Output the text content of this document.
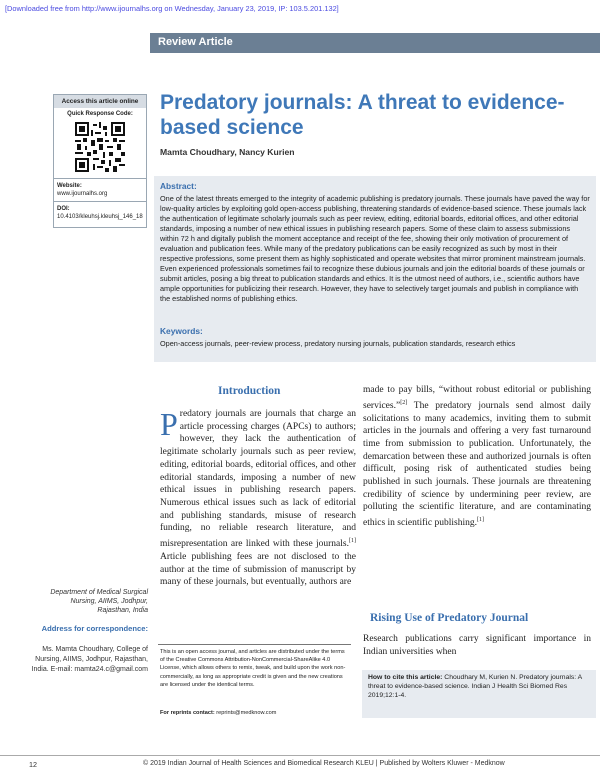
[Downloaded free from http://www.ijournalhs.org on Wednesday, January 23, 2019, IP: 103.5.201.132]
Review Article
Access this article online
Quick Response Code:
Website:
www.ijournalhs.org
DOI:
10.4103/kleuhsj.kleuhsj_146_18
Predatory journals: A threat to evidence-based science
Mamta Choudhary, Nancy Kurien
Abstract:
One of the latest threats emerged to the integrity of academic publishing is predatory journals. These journals have paved the way for low-quality articles by exploiting gold open-access publishing, threatening standards of evidence-based science. These journals lack the authentication of legitimate scholarly journals such as peer review, editing, editorial boards, editorial offices, and other editorial standards, imposing a number of new ethical issues in publishing research papers. Some of these claim to assess submissions within 72 h and digitally publish the moment acceptance and receipt of the fee, showing their only motivation of procurement of evaluation and publication fees. While many of the predatory publications can be easily recognized as such by most in their respective professions, some present them as highly sophisticated and operate websites that mirror prominent mainstream journals. Even experienced professionals sometimes fail to recognize these dubious journals and join the editorial boards of these journals or submit articles, posing a big threat to publication standards and ethics. It is the utmost need of authors, i.e., scientific authors have ample opportunities for publicizing their research. However, they have to selectively target journals and publish in compliance with the established norms of publishing ethics.
Keywords:
Open-access journals, peer-review process, predatory nursing journals, publication standards, research ethics
Introduction
Predatory journals are journals that charge an article processing charges (APCs) to authors; however, they lack the authentication of legitimate scholarly journals such as peer review, editing, editorial boards, editorial offices, and other editorial standards, imposing a number of new ethical issues in publishing research papers. Numerous ethical issues such as lack of editorial and publishing standards, misuse of research funding, no reliable research literature, and misrepresentation are linked with these journals.[1] Article publishing fees are not disclosed to the author at the time of submission of manuscript by many of these journals, but eventually, authors are
made to pay bills, “without robust editorial or publishing services.”[2] The predatory journals send almost daily solicitations to many academics, inviting them to submit articles in the journals and offering a very fast turnaround time from submission to publication. Unfortunately, the demarcation between these and authorized journals is often difficult, posing risk of authenticated studies being published in such journals. These journals are threatening credibility of science by undermining peer review, are polluting the scientific literature, and are contaminating ethics in scientific publishing.[1]
Rising Use of Predatory Journal
Research publications carry significant importance in Indian universities when
Department of Medical Surgical Nursing, AIIMS, Jodhpur, Rajasthan, India
Address for correspondence:
Ms. Mamta Choudhary, College of Nursing, AIIMS, Jodhpur, Rajasthan, India. E-mail: mamta24.c@gmail.com
This is an open access journal, and articles are distributed under the terms of the Creative Commons Attribution-NonCommercial-ShareAlike 4.0 License, which allows others to remix, tweak, and build upon the work non-commercially, as long as appropriate credit is given and the new creations are licensed under the identical terms.
For reprints contact: reprints@medknow.com
How to cite this article: Choudhary M, Kurien N. Predatory journals: A threat to evidence-based science. Indian J Health Sci Biomed Res 2019;12:1-4.
12	© 2019 Indian Journal of Health Sciences and Biomedical Research KLEU | Published by Wolters Kluwer - Medknow
